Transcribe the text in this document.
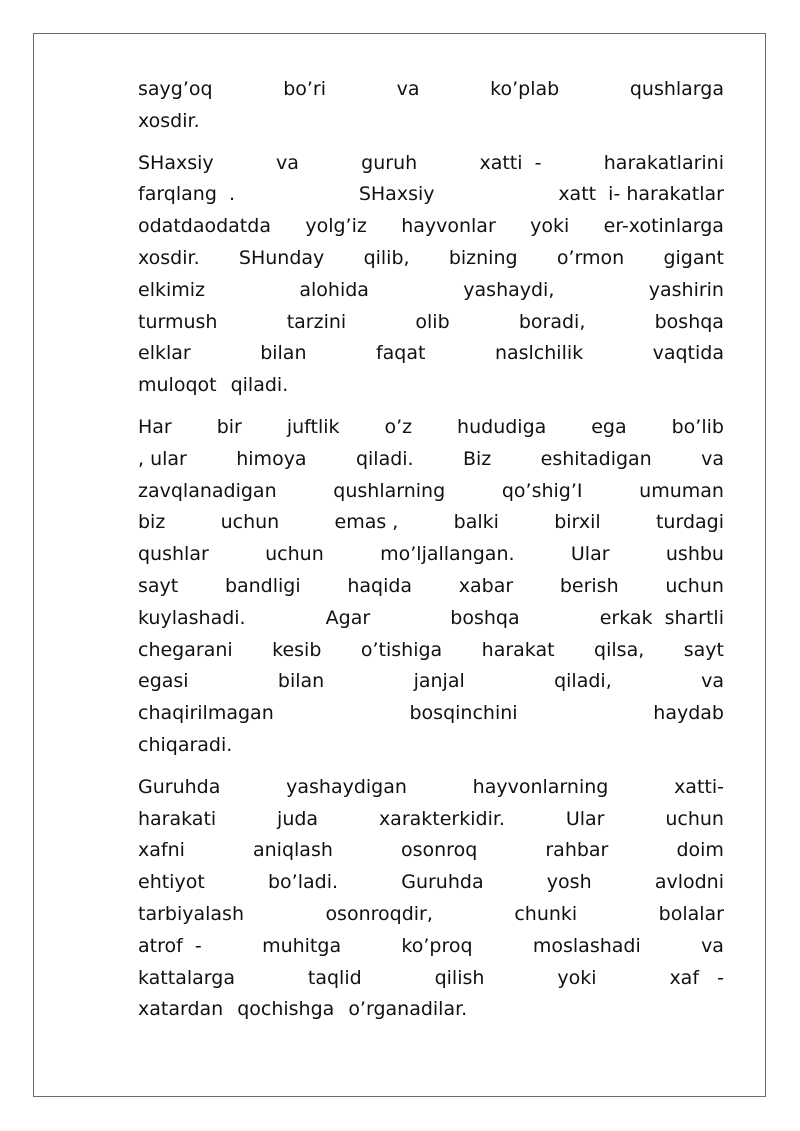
sayg’oq	bo’ri	va	ko’plab	qushlarga
xosdir.
SHaxsiy	va	guruh	xatti  -	harakatlarini
farqlang  .	SHaxsiy	xatt  i- harakatlar
odatdaodatda yolg’iz hayvonlar yoki er-xotinlarga
xosdir. SHunday qilib, bizning o’rmon gigant
elkimiz	alohida	yashaydi,	yashirin
turmush	tarzini	olib	boradi,	boshqa
elklar	bilan	faqat	naslchilik	vaqtida
muloqot qiladi.
Har bir juftlik o’z hududiga ega bo’lib
, ular	himoya	qiladi.	Biz	eshitadigan	va
zavqlanadigan	qushlarning	qo’shig’I	umuman
biz	uchun	emas ,	balki	birxil	turdagi
qushlar	uchun	mo’ljallangan.	Ular	ushbu
sayt bandligi haqida xabar berish uchun
kuylashadi.	Agar	boshqa	erkak  shartli
chegarani kesib o’tishiga harakat qilsa, sayt
egasi	bilan	janjal	qiladi,	va
chaqirilmagan	bosqinchini	haydab
chiqaradi.
Guruhda	yashaydigan	hayvonlarning	xatti-
harakati	juda	xarakterkidir.	Ular	uchun
xafni	aniqlash	osonroq	rahbar	doim
ehtiyot	bo’ladi.	Guruhda	yosh	avlodni
tarbiyalash	osonroqdir,	chunki	bolalar
atrof  -	muhitga	ko’proq	moslashadi	va
kattalarga	taqlid	qilish	yoki	xaf   -
xatardan qochishga o’rganadilar.
